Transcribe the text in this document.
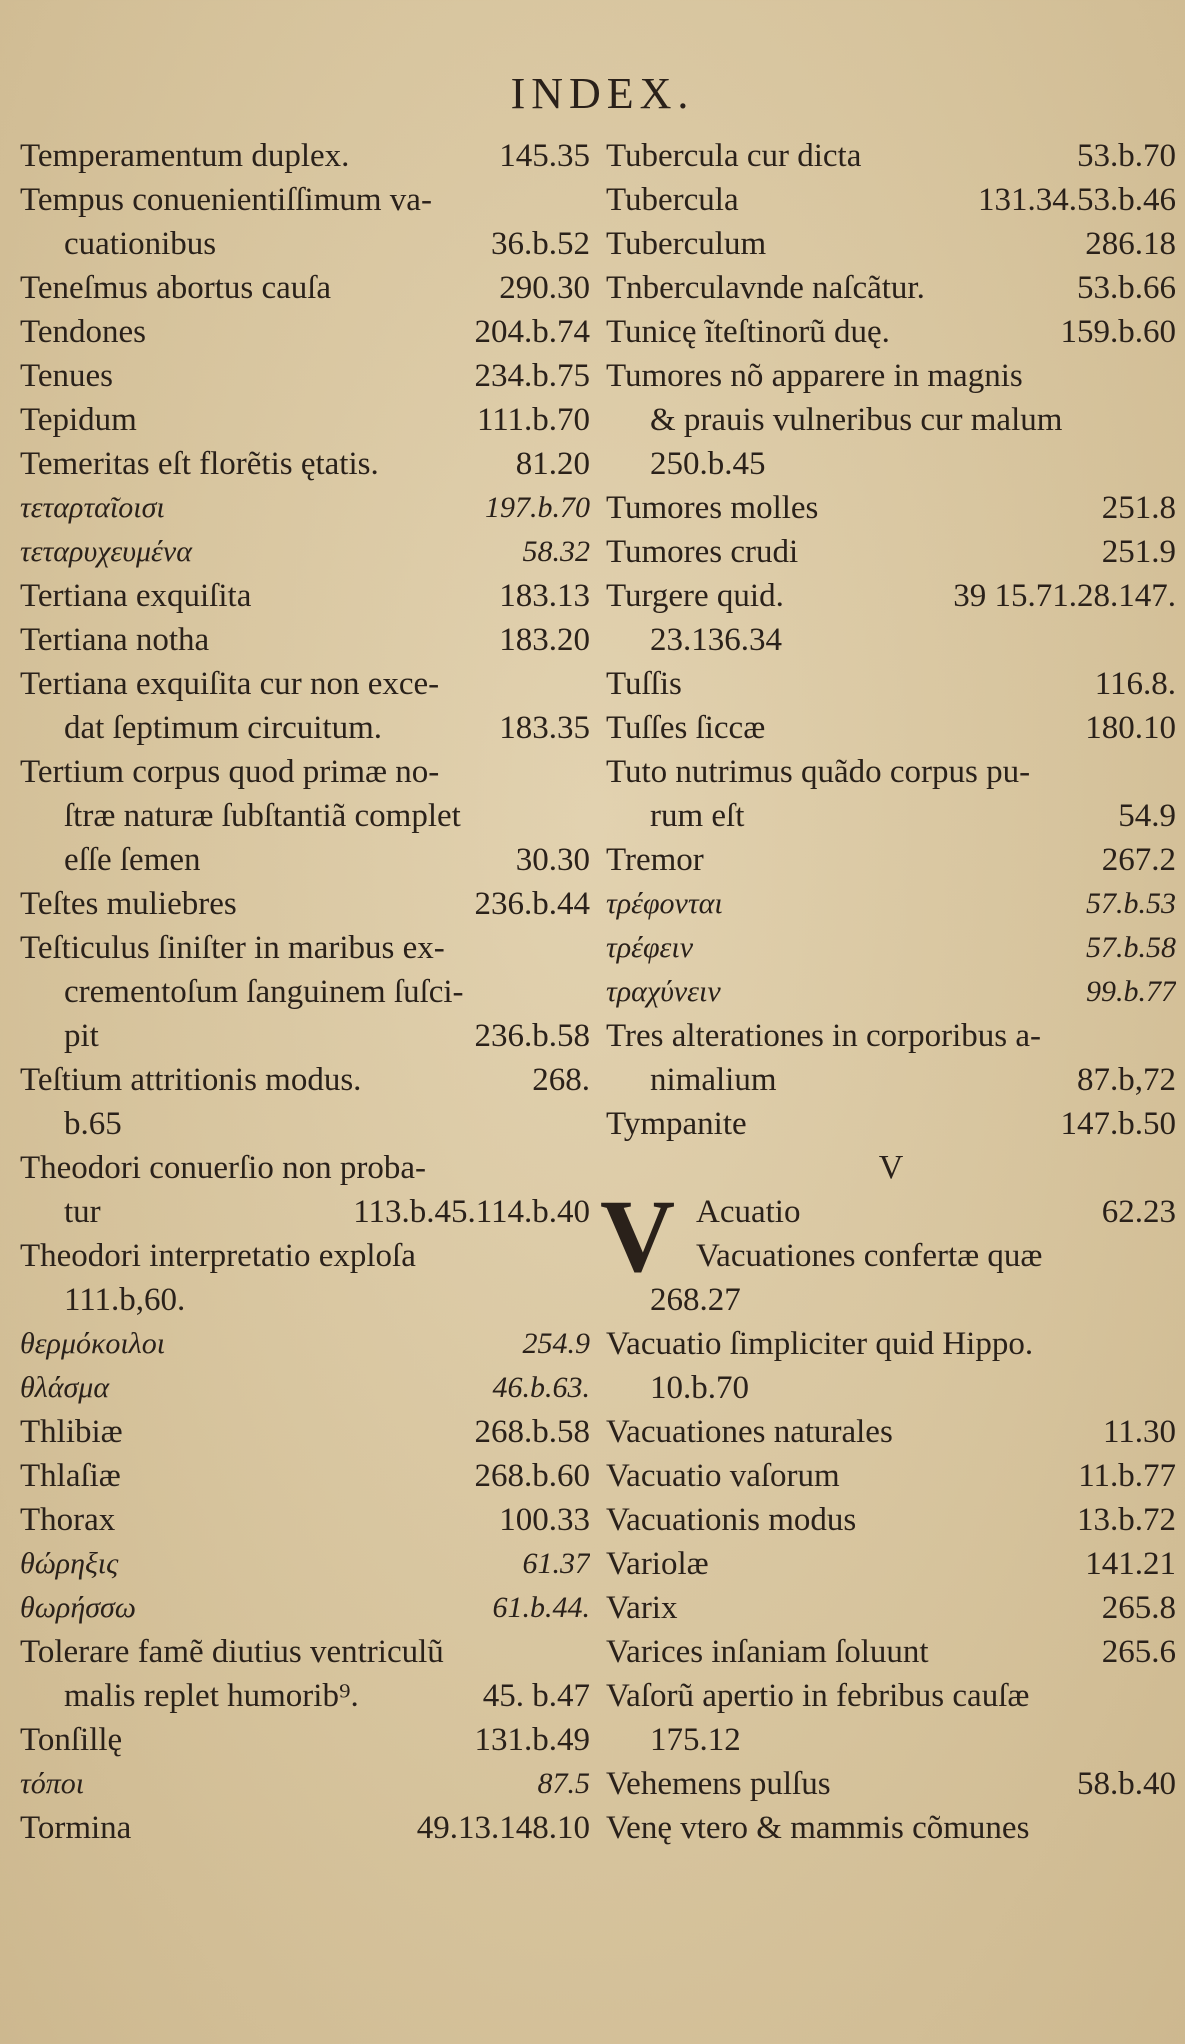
INDEX.
Temperamentum duplex.	145.35
Tempus conuenientiſſimum va-
cuationibus	36.b.52
Teneſmus abortus cauſa	290.30
Tendones	204.b.74
Tenues	234.b.75
Tepidum	111.b.70
Temeritas eſt florẽtis ętatis.	81.20
τεταρταῖοισι	197.b.70
τεταρυχευμένα	58.32
Tertiana exquiſita	183.13
Tertiana notha	183.20
Tertiana exquiſita cur non exce-
dat ſeptimum circuitum.	183.35
Tertium corpus quod primæ no-
ſtræ naturæ ſubſtantiã complet
eſſe ſemen	30.30
Teſtes muliebres	236.b.44
Teſticulus ſiniſter in maribus ex-
crementoſum ſanguinem ſuſci-
pit	236.b.58
Teſtium attritionis modus.	268.
b.65
Theodori conuerſio non proba-
tur	113.b.45.114.b.40
Theodori interpretatio exploſa
111.b,60.
θερμόκοιλοι	254.9
θλάσμα	46.b.63.
Thlibiæ	268.b.58
Thlaſiæ	268.b.60
Thorax	100.33
θώρηξις	61.37
θωρήσσω	61.b.44.
Tolerare famẽ diutius ventriculũ
malis replet humorib⁹.	45. b.47
Tonſillę	131.b.49
τόποι	87.5
Tormina	49.13.148.10
Tubercula cur dicta	53.b.70
Tubercula	131.34.53.b.46
Tuberculum	286.18
Tnberculavnde naſcãtur.	53.b.66
Tunicę ĩteſtinorũ duę.	159.b.60
Tumores nõ apparere in magnis
& prauis vulneribus cur malum
250.b.45
Tumores molles	251.8
Tumores crudi	251.9
Turgere quid.	39 15.71.28.147.
23.136.34
Tuſſis	116.8.
Tuſſes ſiccæ	180.10
Tuto nutrimus quãdo corpus pu-
rum eſt	54.9
Tremor	267.2
τρέφονται	57.b.53
τρέφειν	57.b.58
τραχύνειν	99.b.77
Tres alterationes in corporibus a-
nimalium	87.b,72
Tympanite	147.b.50
V
V Acuatio	62.23
Vacuationes confertæ quæ
268.27
Vacuatio ſimpliciter quid Hippo.
10.b.70
Vacuationes naturales	11.30
Vacuatio vaſorum	11.b.77
Vacuationis modus	13.b.72
Variolæ	141.21
Varix	265.8
Varices inſaniam ſoluunt	265.6
Vaſorũ apertio in febribus cauſæ
175.12
Vehemens pulſus	58.b.40
Venę vtero & mammis cõmunes
